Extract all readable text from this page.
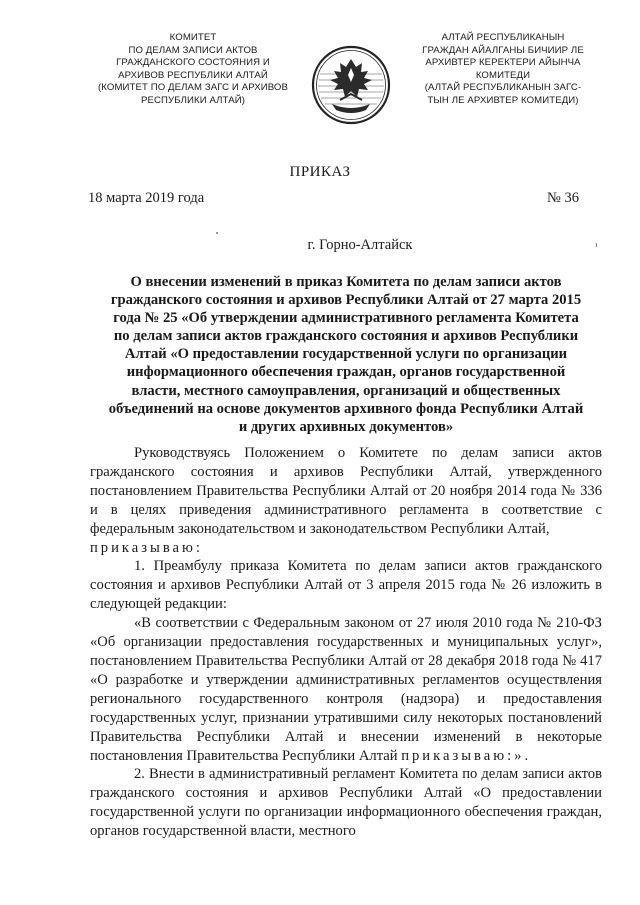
КОМИТЕТ
ПО ДЕЛАМ ЗАПИСИ АКТОВ
ГРАЖДАНСКОГО СОСТОЯНИЯ И
АРХИВОВ РЕСПУБЛИКИ АЛТАЙ
(КОМИТЕТ ПО ДЕЛАМ ЗАГС И АРХИВОВ
РЕСПУБЛИКИ АЛТАЙ)
АЛТАЙ РЕСПУБЛИКАНЫН
ГРАЖДАН АЙАЛГАНЫ БИЧИИР ЛЕ
АРХИВТЕР КЕРЕКТЕРИ АЙЫНЧА
КОМИТЕДИ
(АЛТАЙ РЕСПУБЛИКАНЫН ЗАГС-
ТЫН ЛЕ АРХИВТЕР КОМИТЕДИ)
ПРИКАЗ
18 марта 2019 года	№ 36
г. Горно-Алтайск
О внесении изменений в приказ Комитета по делам записи актов
гражданского состояния и архивов Республики Алтай от 27 марта 2015
года № 25 «Об утверждении административного регламента Комитета
по делам записи актов гражданского состояния и архивов Республики
Алтай «О предоставлении государственной услуги по организации
информационного обеспечения граждан, органов государственной
власти, местного самоуправления, организаций и общественных
объединений на основе документов архивного фонда Республики Алтай
и других архивных документов»

Руководствуясь Положением о Комитете по делам записи актов гражданского состояния и архивов Республики Алтай, утвержденного постановлением Правительства Республики Алтай от 20 ноября 2014 года № 336 и в целях приведения административного регламента в соответствие с федеральным законодательством и законодательством Республики Алтай,

приказываю:

1. Преамбулу приказа Комитета по делам записи актов гражданского состояния и архивов Республики Алтай от 3 апреля 2015 года № 26 изложить в следующей редакции:

«В соответствии с Федеральным законом от 27 июля 2010 года № 210-ФЗ «Об организации предоставления государственных и муниципальных услуг», постановлением Правительства Республики Алтай от 28 декабря 2018 года № 417 «О разработке и утверждении административных регламентов осуществления регионального государственного контроля (надзора) и предоставления государственных услуг, признании утратившими силу некоторых постановлений Правительства Республики Алтай и внесении изменений в некоторые постановления Правительства Республики Алтай приказываю:».

2. Внести в административный регламент Комитета по делам записи актов гражданского состояния и архивов Республики Алтай «О предоставлении государственной услуги по организации информационного обеспечения граждан, органов государственной власти, местного
